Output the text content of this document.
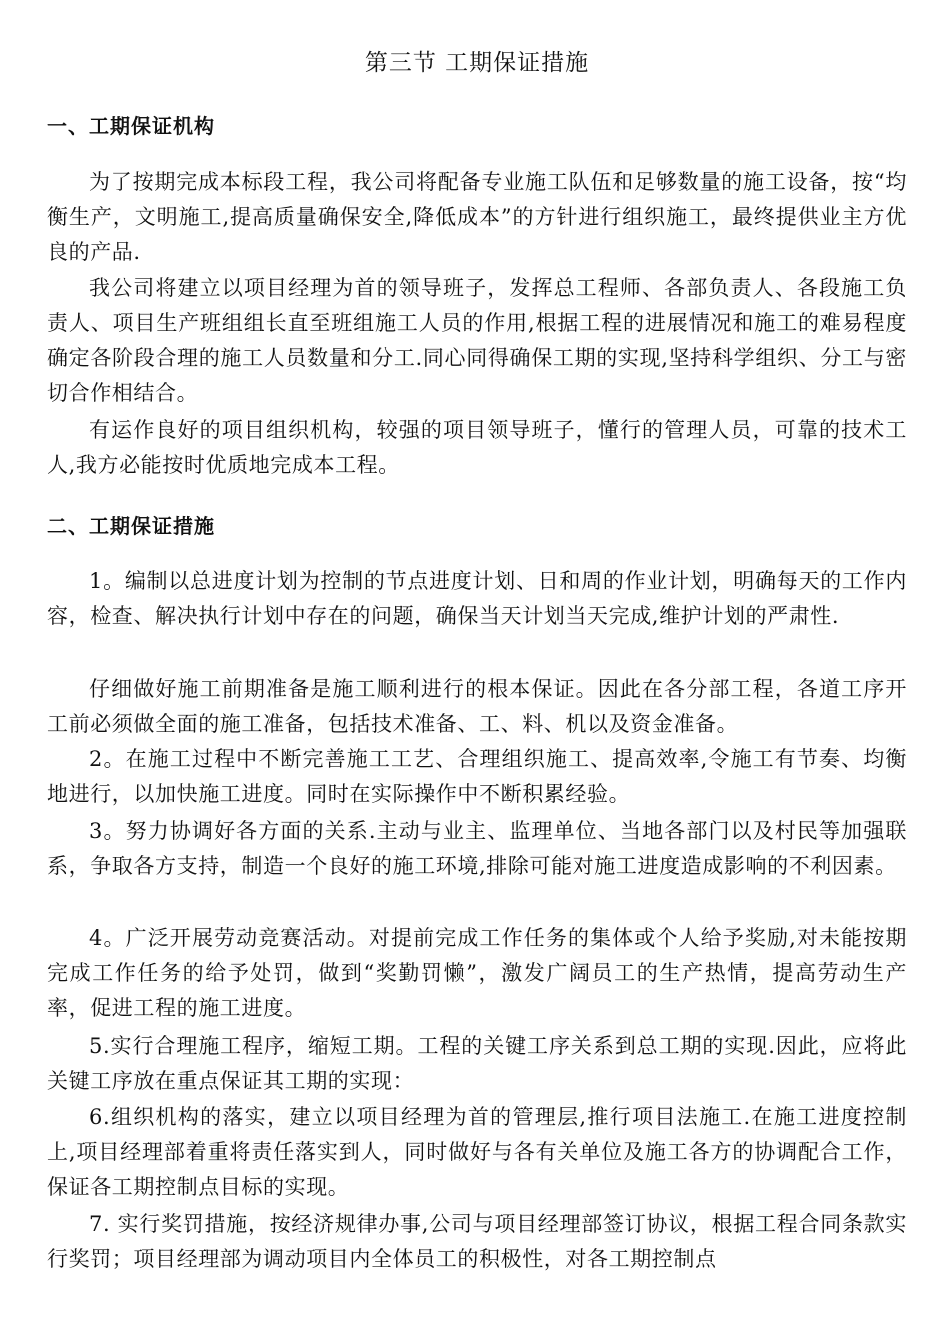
第三节 工期保证措施
一、工期保证机构

为了按期完成本标段工程，我公司将配备专业施工队伍和足够数量的施工设备，按“均衡生产，文明施工,提高质量确保安全,降低成本”的方针进行组织施工，最终提供业主方优良的产品.

我公司将建立以项目经理为首的领导班子，发挥总工程师、各部负责人、各段施工负责人、项目生产班组组长直至班组施工人员的作用,根据工程的进展情况和施工的难易程度确定各阶段合理的施工人员数量和分工.同心同得确保工期的实现,坚持科学组织、分工与密切合作相结合。

有运作良好的项目组织机构，较强的项目领导班子，懂行的管理人员，可靠的技术工人,我方必能按时优质地完成本工程。

二、工期保证措施

1。编制以总进度计划为控制的节点进度计划、日和周的作业计划，明确每天的工作内容，检查、解决执行计划中存在的问题，确保当天计划当天完成,维护计划的严肃性.

仔细做好施工前期准备是施工顺利进行的根本保证。因此在各分部工程，各道工序开工前必须做全面的施工准备，包括技术准备、工、料、机以及资金准备。

2。在施工过程中不断完善施工工艺、合理组织施工、提高效率,令施工有节奏、均衡地进行，以加快施工进度。同时在实际操作中不断积累经验。

3。努力协调好各方面的关系.主动与业主、监理单位、当地各部门以及村民等加强联系，争取各方支持，制造一个良好的施工环境,排除可能对施工进度造成影响的不利因素。

4。广泛开展劳动竞赛活动。对提前完成工作任务的集体或个人给予奖励,对未能按期完成工作任务的给予处罚，做到“奖勤罚懒”，激发广阔员工的生产热情，提高劳动生产率，促进工程的施工进度。

5.实行合理施工程序，缩短工期。工程的关键工序关系到总工期的实现.因此，应将此关键工序放在重点保证其工期的实现：

6.组织机构的落实，建立以项目经理为首的管理层,推行项目法施工.在施工进度控制上,项目经理部着重将责任落实到人，同时做好与各有关单位及施工各方的协调配合工作，保证各工期控制点目标的实现。

7. 实行奖罚措施，按经济规律办事,公司与项目经理部签订协议，根据工程合同条款实行奖罚；项目经理部为调动项目内全体员工的积极性，对各工期控制点
